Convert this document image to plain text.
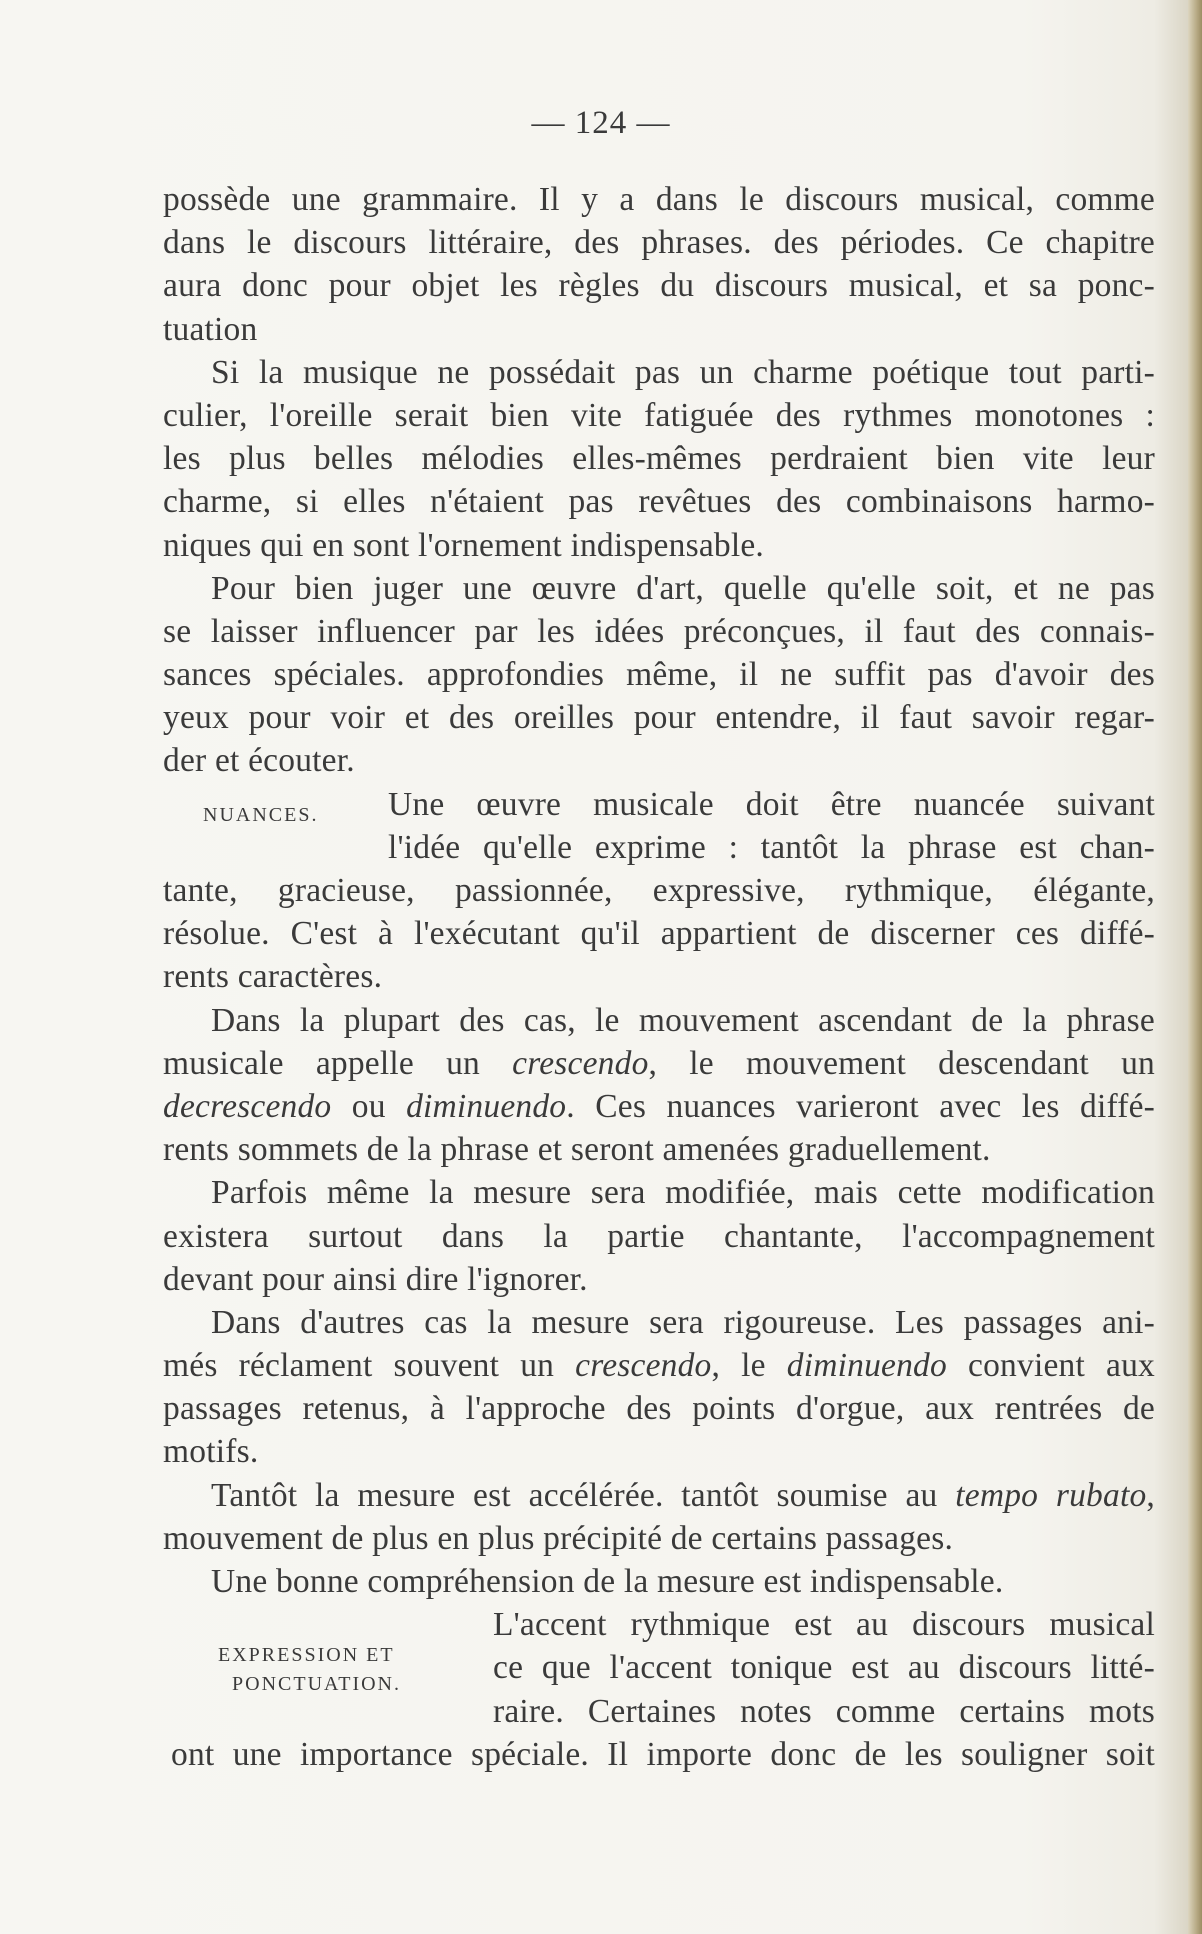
— 124 —
NUANCES.
EXPRESSION ET
PONCTUATION.
possède une grammaire. Il y a dans le discours musical, comme
dans le discours littéraire, des phrases. des périodes. Ce chapitre
aura donc pour objet les règles du discours musical, et sa ponc-
tuation
Si la musique ne possédait pas un charme poétique tout parti-
culier, l'oreille serait bien vite fatiguée des rythmes monotones :
les plus belles mélodies elles-mêmes perdraient bien vite leur
charme, si elles n'étaient pas revêtues des combinaisons harmo-
niques qui en sont l'ornement indispensable.
Pour bien juger une œuvre d'art, quelle qu'elle soit, et ne pas
se laisser influencer par les idées préconçues, il faut des connais-
sances spéciales. approfondies même, il ne suffit pas d'avoir des
yeux pour voir et des oreilles pour entendre, il faut savoir regar-
der et écouter.
Une œuvre musicale doit être nuancée suivant
l'idée qu'elle exprime : tantôt la phrase est chan-
tante, gracieuse, passionnée, expressive, rythmique, élégante,
résolue. C'est à l'exécutant qu'il appartient de discerner ces diffé-
rents caractères.
Dans la plupart des cas, le mouvement ascendant de la phrase
musicale appelle un crescendo, le mouvement descendant un
decrescendo ou diminuendo. Ces nuances varieront avec les diffé-
rents sommets de la phrase et seront amenées graduellement.
Parfois même la mesure sera modifiée, mais cette modification
existera surtout dans la partie chantante, l'accompagnement
devant pour ainsi dire l'ignorer.
Dans d'autres cas la mesure sera rigoureuse. Les passages ani-
més réclament souvent un crescendo, le diminuendo convient aux
passages retenus, à l'approche des points d'orgue, aux rentrées de
motifs.
Tantôt la mesure est accélérée. tantôt soumise au tempo rubato,
mouvement de plus en plus précipité de certains passages.
Une bonne compréhension de la mesure est indispensable.
L'accent rythmique est au discours musical
ce que l'accent tonique est au discours litté-
raire. Certaines notes comme certains mots
ont une importance spéciale. Il importe donc de les souligner soit
